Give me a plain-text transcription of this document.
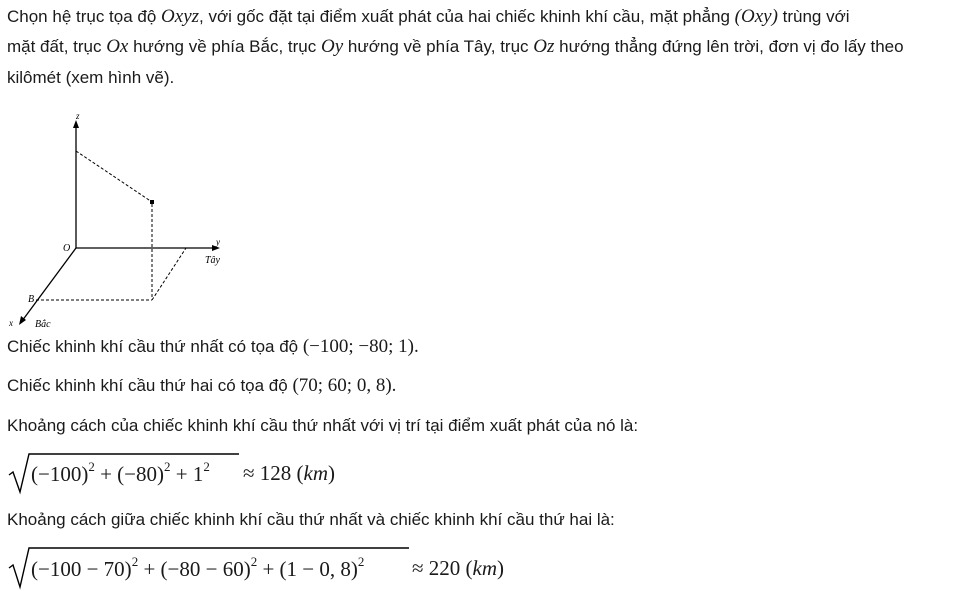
Chọn hệ trục tọa độ Oxyz, với gốc đặt tại điểm xuất phát của hai chiếc khinh khí cầu, mặt phẳng (Oxy) trùng với
mặt đất, trục Ox hướng về phía Bắc, trục Oy hướng về phía Tây, trục Oz hướng thẳng đứng lên trời, đơn vị đo lấy theo
kilômét (xem hình vẽ).
z
O
y
Tây
B
x Bắc
Chiếc khinh khí cầu thứ nhất có tọa độ (−100; −80; 1).
Chiếc khinh khí cầu thứ hai có tọa độ (70; 60; 0, 8).
Khoảng cách của chiếc khinh khí cầu thứ nhất với vị trí tại điểm xuất phát của nó là:
$(-100)^2 + (-80)^2 + 1^2 \approx 128$ (km)
Khoảng cách giữa chiếc khinh khí cầu thứ nhất và chiếc khinh khí cầu thứ hai là:
$(-100 - 70)^2 + (-80 - 60)^2 + (1 - 0$, 8)$^2$ ≈ 220 (km)
